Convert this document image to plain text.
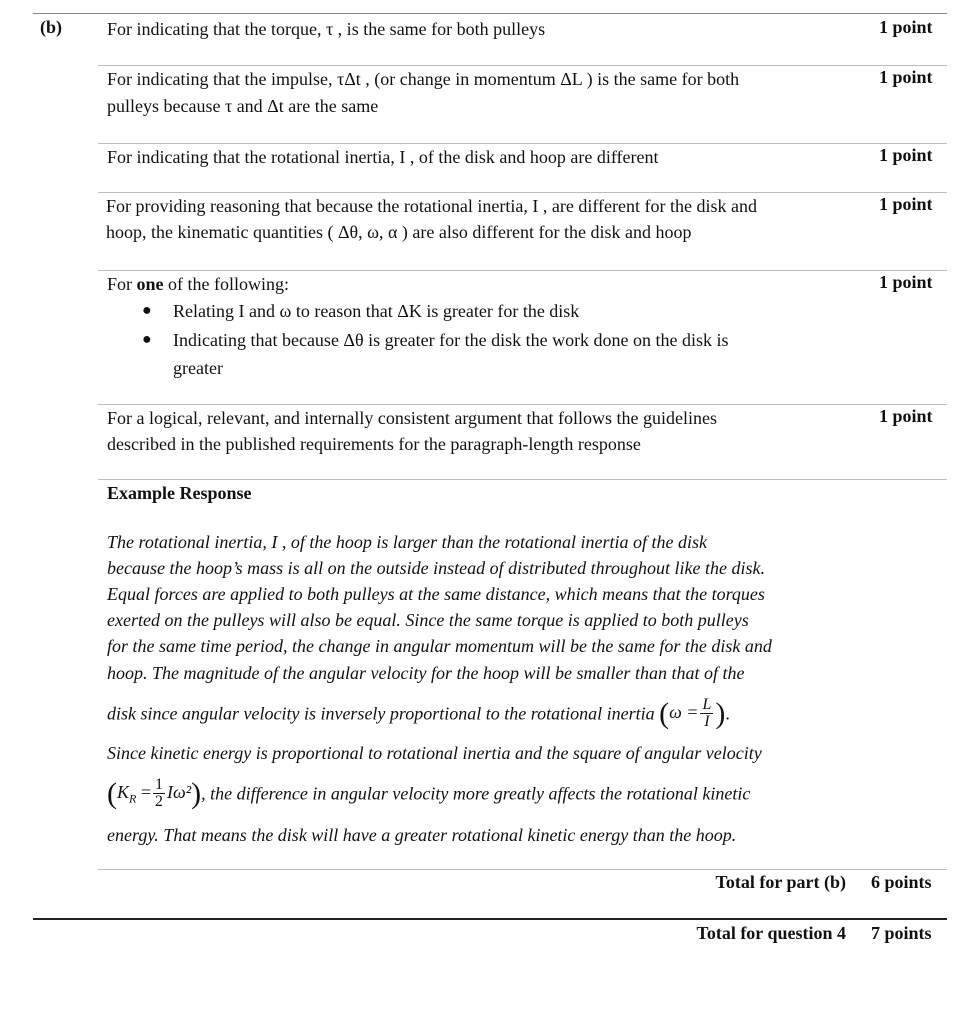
(b)	For indicating that the torque, τ , is the same for both pulleys	1 point
For indicating that the impulse, τΔt , (or change in momentum ΔL ) is the same for both
pulleys because τ and Δt are the same
1 point
For indicating that the rotational inertia, I , of the disk and hoop are different	1 point
For providing reasoning that because the rotational inertia, I , are different for the disk and
hoop, the kinematic quantities ( Δθ, ω, α ) are also different for the disk and hoop
1 point
For one of the following:	1 point
● Relating I and ω to reason that ΔK is greater for the disk
● Indicating that because Δθ is greater for the disk the work done on the disk is
greater
For a logical, relevant, and internally consistent argument that follows the guidelines
described in the published requirements for the paragraph-length response
1 point
Example Response
The rotational inertia, I , of the hoop is larger than the rotational inertia of the disk
because the hoop’s mass is all on the outside instead of distributed throughout like the disk.
Equal forces are applied to both pulleys at the same distance, which means that the torques
exerted on the pulleys will also be equal. Since the same torque is applied to both pulleys
for the same time period, the change in angular momentum will be the same for the disk and
hoop. The magnitude of the angular velocity for the hoop will be smaller than that of the
disk since angular velocity is inversely proportional to the rotational inertia ($\omega = \frac{L}{I}$ ).
Since kinetic energy is proportional to rotational inertia and the square of angular velocity
$(K_R = \frac{1}{2} I\omega^2)$, the difference in angular velocity more greatly affects the rotational kinetic
energy. That means the disk will have a greater rotational kinetic energy than the hoop.
Total for part (b) 6 points
Total for question 4 7 points
